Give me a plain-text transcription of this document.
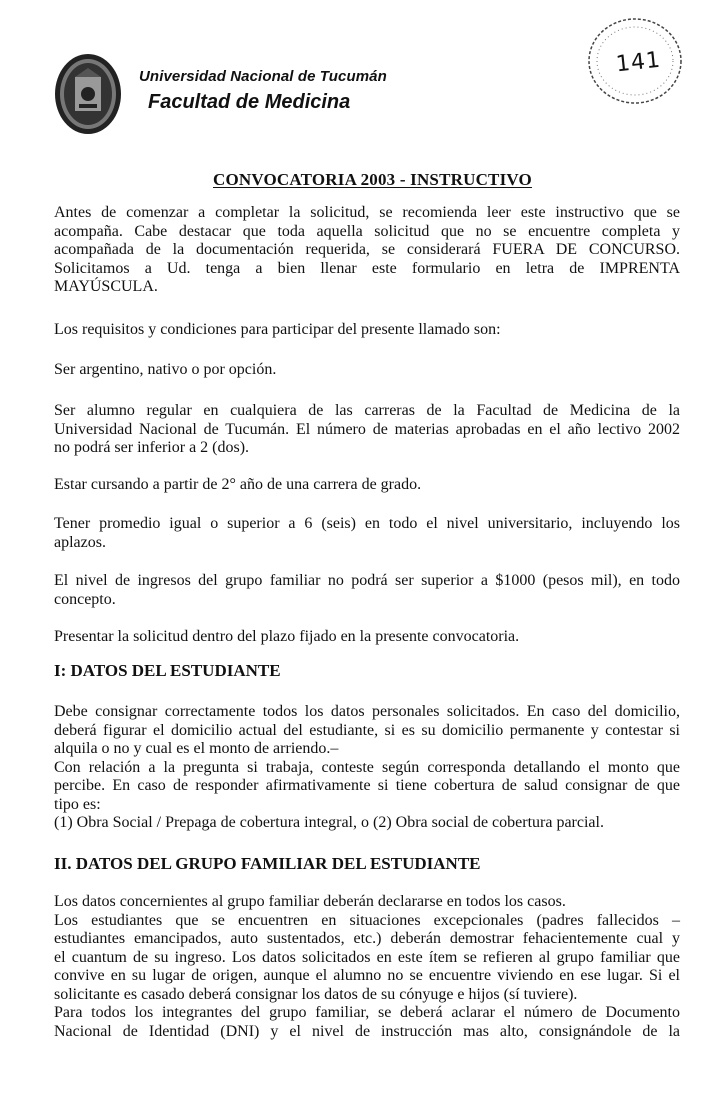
Universidad Nacional de Tucumán
Facultad de Medicina
141
CONVOCATORIA 2003 - INSTRUCTIVO
Antes de comenzar a completar la solicitud, se recomienda leer este instructivo que se
acompaña. Cabe destacar que toda aquella solicitud que no se encuentre completa y
acompañada de la documentación requerida, se considerará FUERA DE CONCURSO.
Solicitamos a Ud. tenga a bien llenar este formulario en letra de IMPRENTA
MAYÚSCULA.
Los requisitos y condiciones para participar del presente llamado son:
Ser argentino, nativo o por opción.
Ser alumno regular en cualquiera de las carreras de la Facultad de Medicina de la
Universidad Nacional de Tucumán. El número de materias aprobadas en el año lectivo 2002
no podrá ser inferior a 2 (dos).
Estar cursando a partir de 2° año de una carrera de grado.
Tener promedio igual o superior a 6 (seis) en todo el nivel universitario, incluyendo los
aplazos.
El nivel de ingresos del grupo familiar no podrá ser superior a $1000 (pesos mil), en todo
concepto.
Presentar la solicitud dentro del plazo fijado en la presente convocatoria.
I: DATOS DEL ESTUDIANTE
Debe consignar correctamente todos los datos personales solicitados. En caso del domicilio,
deberá figurar el domicilio actual del estudiante, si es su domicilio permanente y contestar si
alquila o no y cual es el monto de arriendo.–
Con relación a la pregunta si trabaja, conteste según corresponda detallando el monto que
percibe. En caso de responder afirmativamente si tiene cobertura de salud consignar de que
tipo es:
(1) Obra Social / Prepaga de cobertura integral, o (2) Obra social de cobertura parcial.
II. DATOS DEL GRUPO FAMILIAR DEL ESTUDIANTE
Los datos concernientes al grupo familiar deberán declararse en todos los casos.
Los estudiantes que se encuentren en situaciones excepcionales (padres fallecidos –
estudiantes emancipados, auto sustentados, etc.) deberán demostrar fehacientemente cual y
el cuantum de su ingreso. Los datos solicitados en este ítem se refieren al grupo familiar que
convive en su lugar de origen, aunque el alumno no se encuentre viviendo en ese lugar. Si el
solicitante es casado deberá consignar los datos de su cónyuge e hijos (sí tuviere).
Para todos los integrantes del grupo familiar, se deberá aclarar el número de Documento
Nacional de Identidad (DNI) y el nivel de instrucción mas alto, consignándole de la
